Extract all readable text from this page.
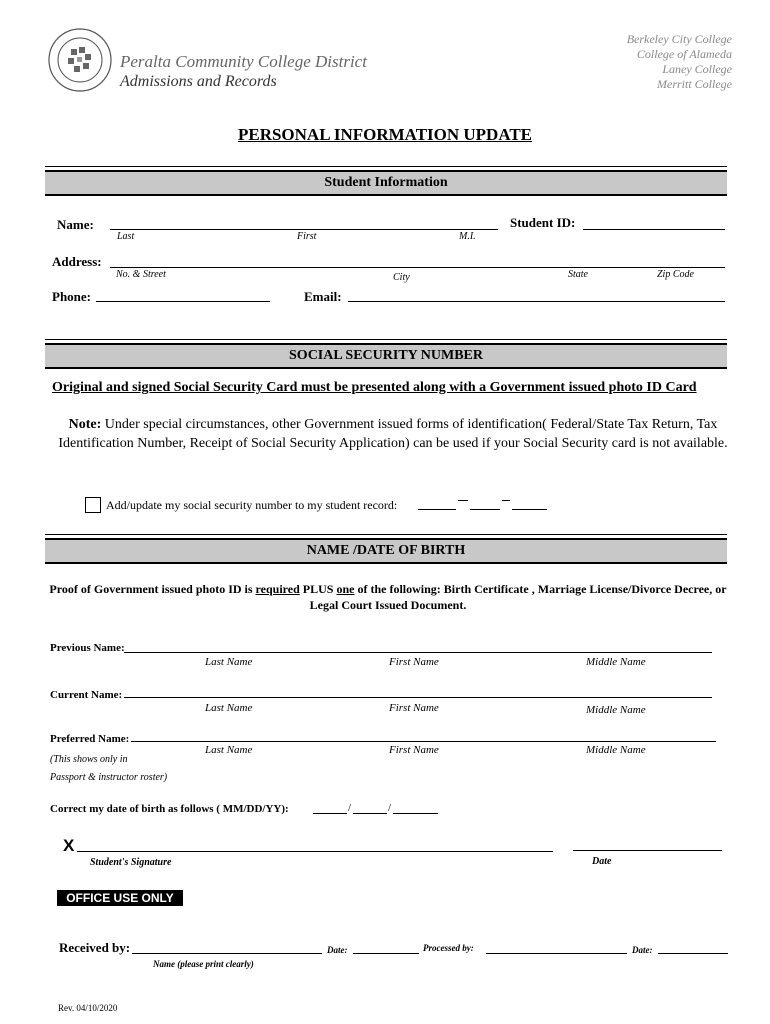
Peralta Community College District
Admissions and Records
Berkeley City College
College of Alameda
Laney College
Merritt College
PERSONAL INFORMATION UPDATE
Student Information
Name:
Last	First	M.I.
Student ID:
Address:
No. & Street	City	State	Zip Code
Phone:	Email:
SOCIAL SECURITY NUMBER
Original and signed Social Security Card must be presented along with a Government issued photo ID Card
Note: Under special circumstances, other Government issued forms of identification( Federal/State Tax Return, Tax Identification Number, Receipt of Social Security Application) can be used if your Social Security card is not available.
Add/update my social security number to my student record:
NAME /DATE OF BIRTH
Proof of Government issued photo ID is required PLUS one of the following: Birth Certificate , Marriage License/Divorce Decree, or Legal Court Issued Document.
Previous Name:
Last Name	First Name	Middle Name
Current Name:
Last Name	First Name	Middle Name
Preferred Name:
Last Name	First Name	Middle Name
(This shows only in
Passport & instructor roster)
Correct my date of birth as follows ( MM/DD/YY):	/	/
X
Student's Signature	Date
OFFICE USE ONLY
Received by:
Name (please print clearly)
Date:	Processed by:	Date:
Rev. 04/10/2020
